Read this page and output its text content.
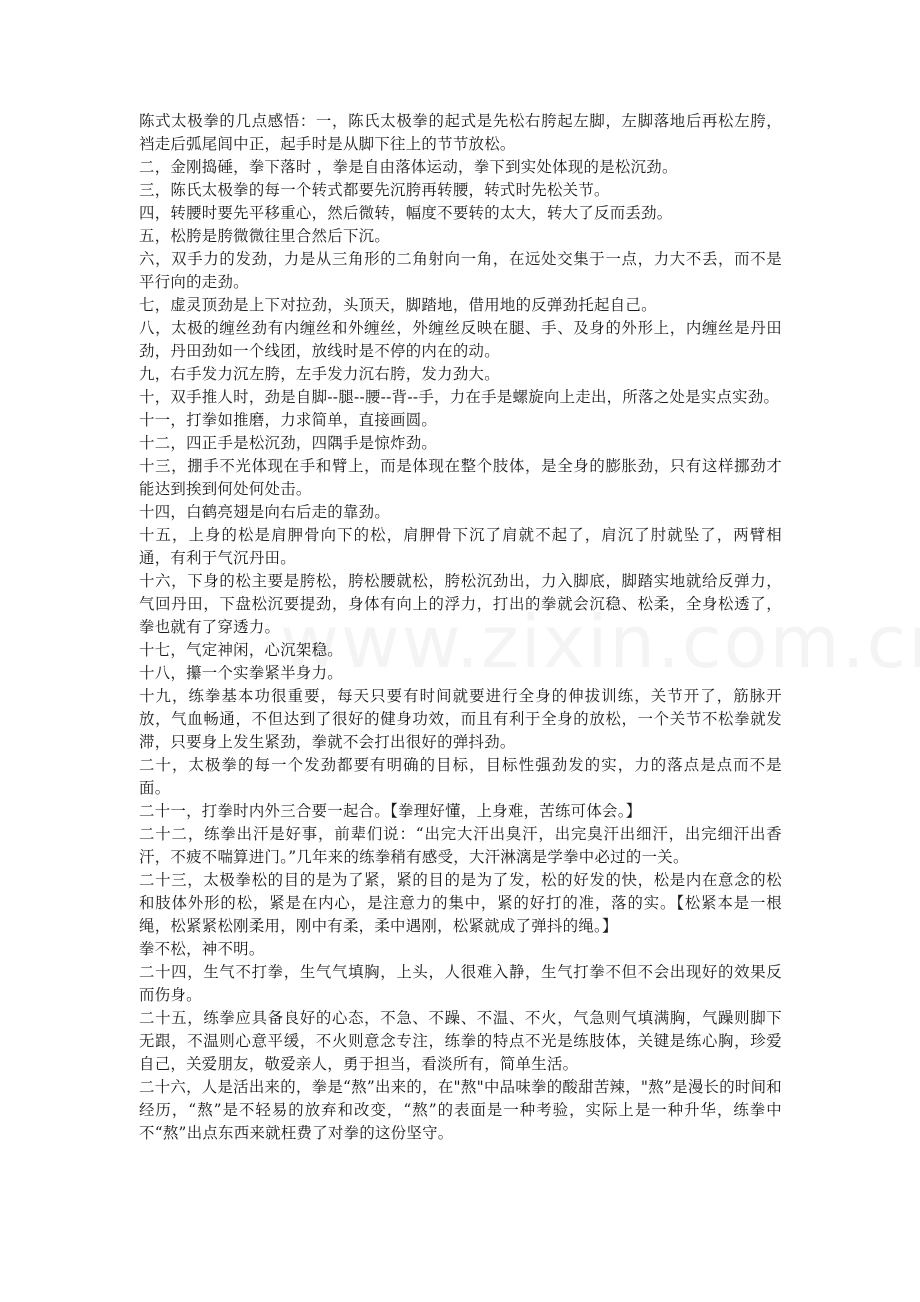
陈式太极拳的几点感悟：一，陈氏太极拳的起式是先松右胯起左脚，左脚落地后再松左胯，裆走后弧尾闾中正，起手时是从脚下往上的节节放松。

二，金刚捣硾，拳下落时 ，拳是自由落体运动，拳下到实处体现的是松沉劲。

三，陈氏太极拳的每一个转式都要先沉胯再转腰，转式时先松关节。

四，转腰时要先平移重心，然后微转，幅度不要转的太大，转大了反而丢劲。

五，松胯是胯微微往里合然后下沉。

六，双手力的发劲，力是从三角形的二角射向一角，在远处交集于一点，力大不丢，而不是平行向的走劲。

七，虚灵顶劲是上下对拉劲，头顶天，脚踏地，借用地的反弹劲托起自己。

八，太极的缠丝劲有内缠丝和外缠丝，外缠丝反映在腿、手、及身的外形上，内缠丝是丹田劲，丹田劲如一个线团，放线时是不停的内在的动。

九，右手发力沉左胯，左手发力沉右胯，发力劲大。

十，双手推人时，劲是自脚--腿--腰--背--手，力在手是螺旋向上走出，所落之处是实点实劲。

十一，打拳如推磨，力求简单，直接画圆。

十二，四正手是松沉劲，四隅手是惊炸劲。

十三，掤手不光体现在手和臂上，而是体现在整个肢体，是全身的膨胀劲，只有这样挪劲才能达到挨到何处何处击。

十四，白鹤亮翅是向右后走的靠劲。

十五，上身的松是肩胛骨向下的松，肩胛骨下沉了肩就不起了，肩沉了肘就坠了，两臂相通，有利于气沉丹田。

十六，下身的松主要是胯松，胯松腰就松，胯松沉劲出，力入脚底，脚踏实地就给反弹力，气回丹田，下盘松沉要提劲，身体有向上的浮力，打出的拳就会沉稳、松柔，全身松透了，拳也就有了穿透力。

十七，气定神闲，心沉架稳。

十八，攥一个实拳紧半身力。

十九，练拳基本功很重要，每天只要有时间就要进行全身的伸拔训练，关节开了，筋脉开放，气血畅通，不但达到了很好的健身功效，而且有利于全身的放松，一个关节不松拳就发滞，只要身上发生紧劲，拳就不会打出很好的弹抖劲。

二十，太极拳的每一个发劲都要有明确的目标，目标性强劲发的实，力的落点是点而不是面。

二十一，打拳时内外三合要一起合。【拳理好懂，上身难，苦练可体会。】

二十二，练拳出汗是好事，前辈们说：“出完大汗出臭汗，出完臭汗出细汗，出完细汗出香汗，不疲不喘算进门。”几年来的练拳稍有感受，大汗淋漓是学拳中必过的一关。

二十三，太极拳松的目的是为了紧，紧的目的是为了发，松的好发的快，松是内在意念的松和肢体外形的松，紧是在内心，是注意力的集中，紧的好打的准，落的实。【松紧本是一根绳，松紧紧松刚柔用，刚中有柔，柔中遇刚，松紧就成了弹抖的绳。】

拳不松，神不明。

二十四，生气不打拳，生气气填胸，上头，人很难入静，生气打拳不但不会出现好的效果反而伤身。

二十五，练拳应具备良好的心态，不急、不躁、不温、不火，气急则气填满胸，气躁则脚下无跟，不温则心意平缓，不火则意念专注，练拳的特点不光是练肢体，关键是练心胸，珍爱自己，关爱朋友，敬爱亲人，勇于担当，看淡所有，简单生活。

二十六，人是活出来的，拳是“熬”出来的，在"熬"中品味拳的酸甜苦辣，"熬”是漫长的时间和经历，“熬”是不轻易的放弃和改变，“熬”的表面是一种考验，实际上是一种升华，练拳中不“熬”出点东西来就枉费了对拳的这份坚守。
